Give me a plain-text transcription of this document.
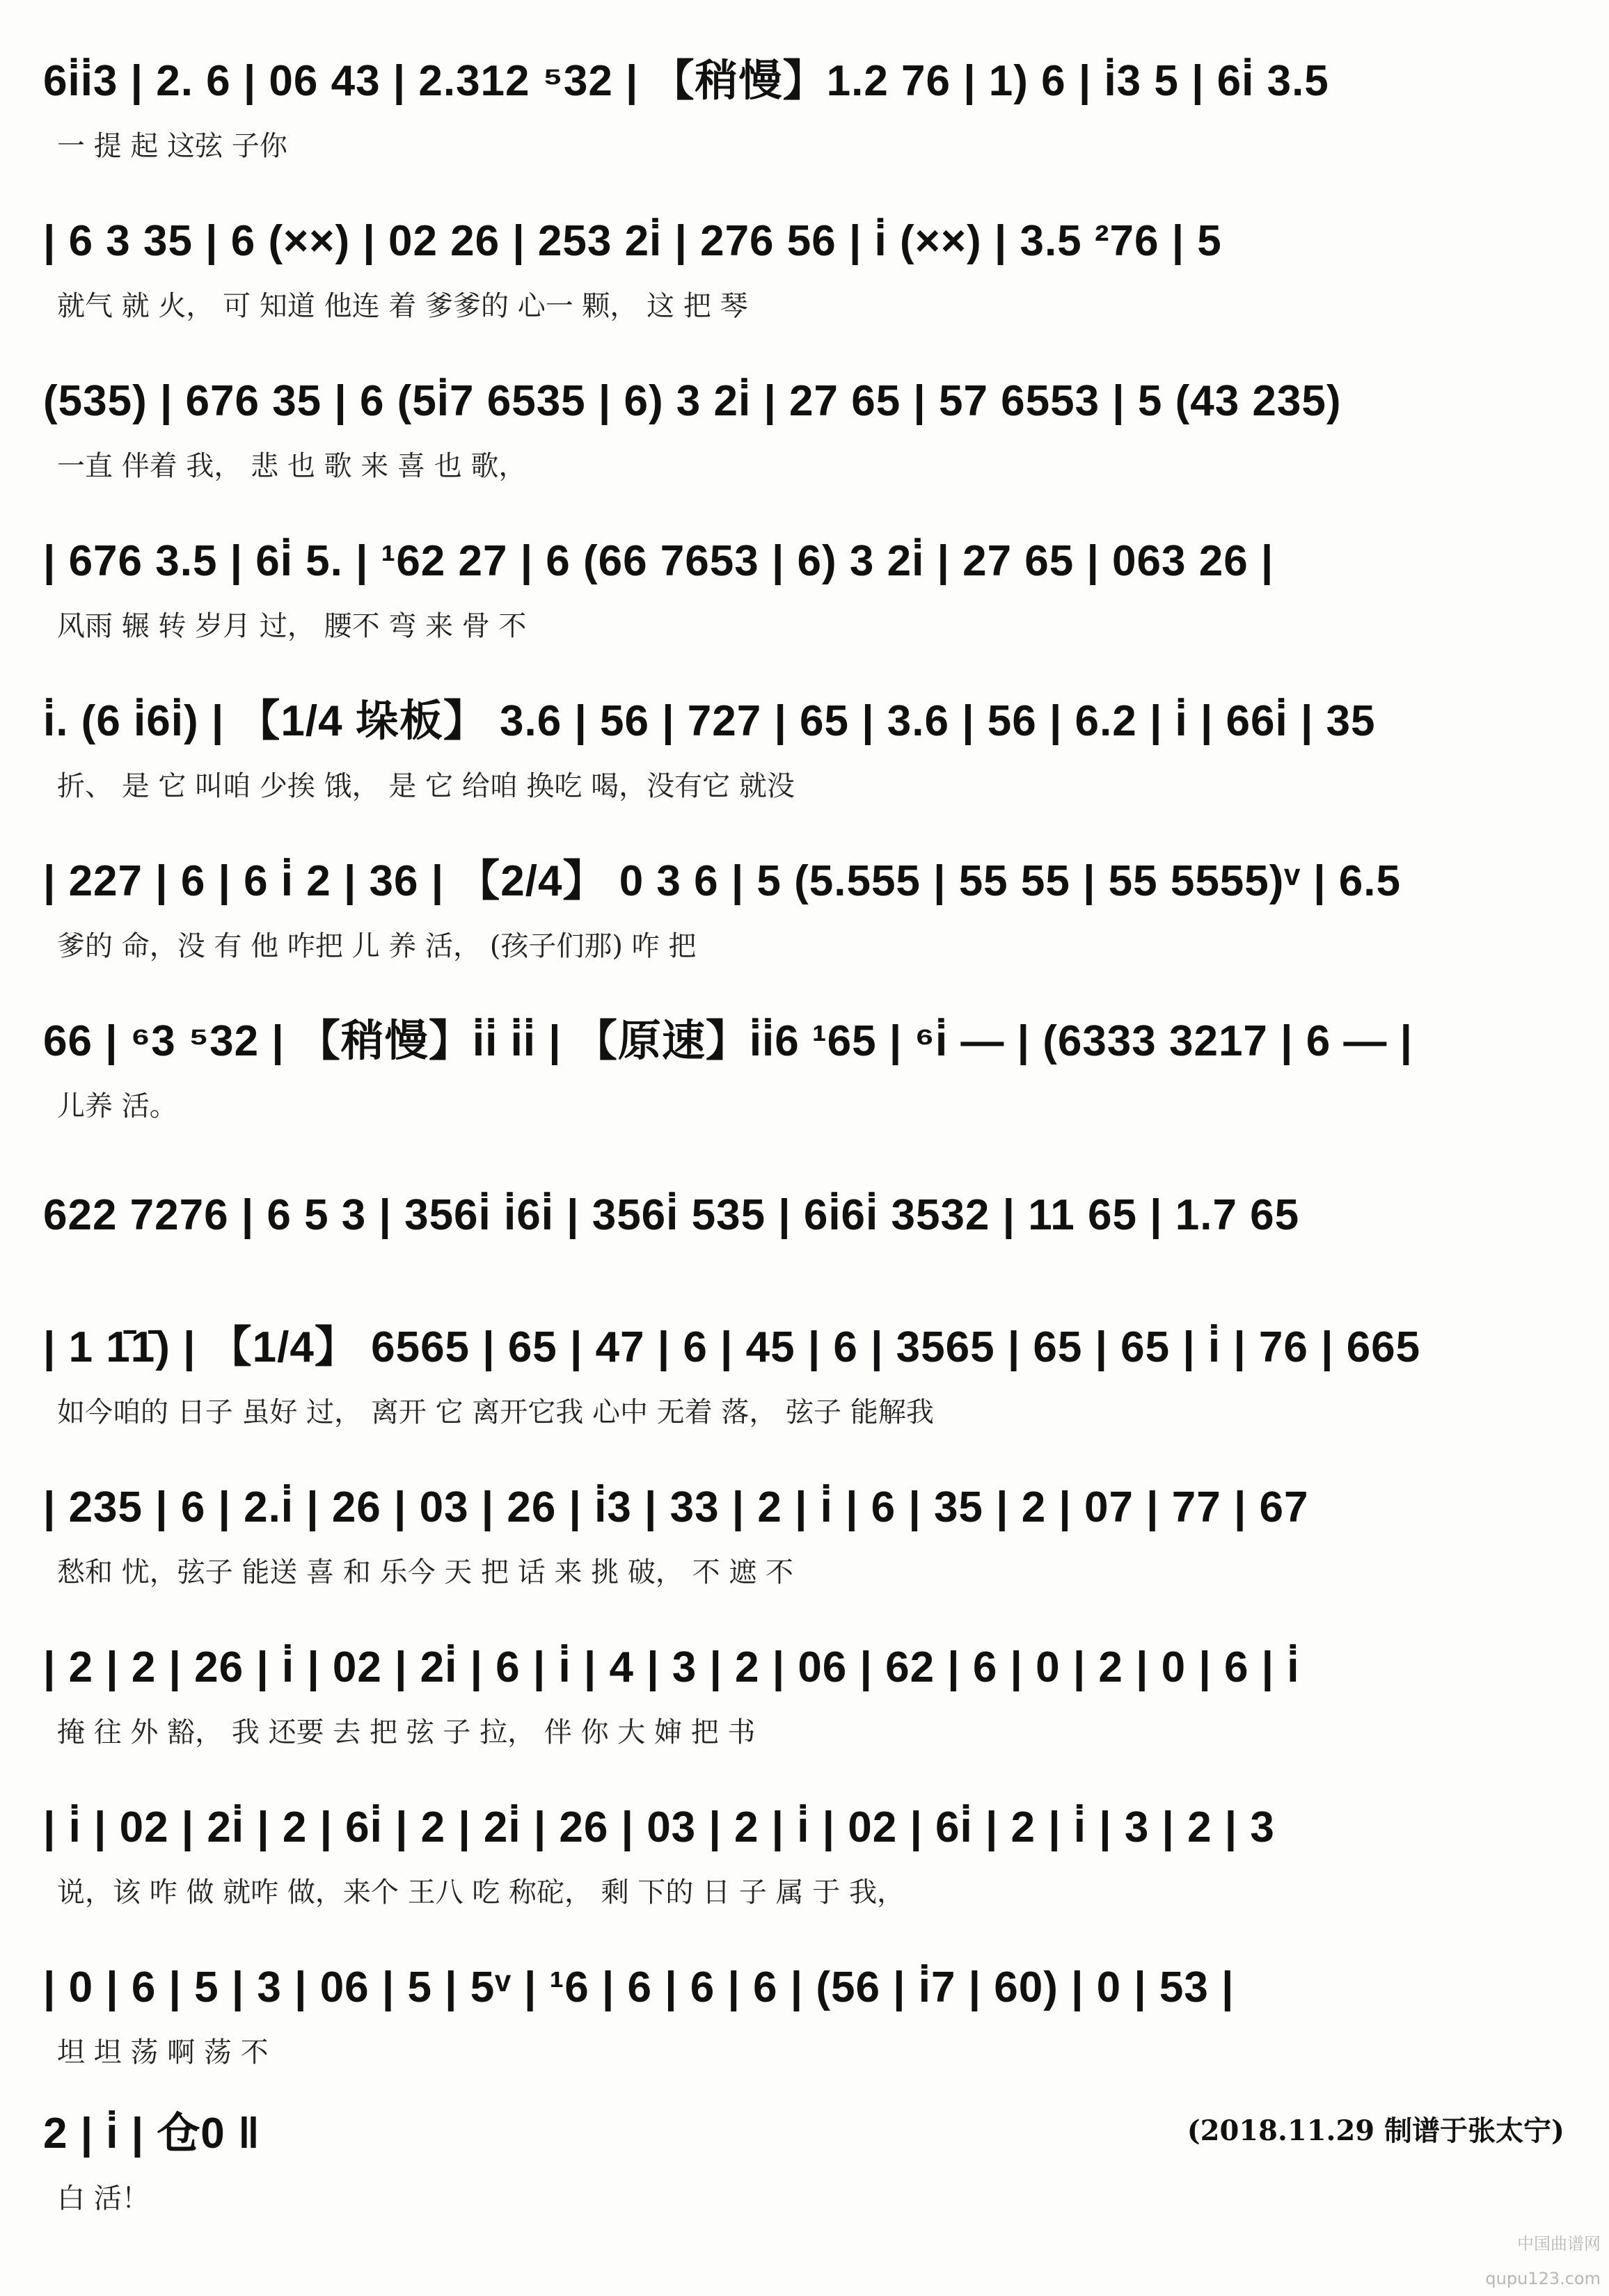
6i̇i̇3 | 2. 6 | 06 43 | 2.312 ⁵32 | 【稍慢】1.2 76 | 1) 6 | i̇3 5 | 6i̇ 3.5
一 提 起 这弦 子你
| 6 3 35 | 6 (××) | 02 26 | 253 2i̇ | 276 56 | i̇ (××) | 3.5 ²76 | 5
就气 就 火， 可 知道 他连 着 爹爹的 心一 颗， 这 把 琴
(535) | 676 35 | 6 (5i̇7 6535 | 6) 3 2i̇ | 27 65 | 57 6553 | 5 (43 235)
一直 伴着 我， 悲 也 歌 来 喜 也 歌，
| 676 3.5 | 6i̇ 5. | ¹62 27 | 6 (66 7653 | 6) 3 2i̇ | 27 65 | 063 26 |
风雨 辗 转 岁月 过， 腰不 弯 来 骨 不
i̇. (6 i̇6i̇) | 【1/4 垛板】 3.6 | 56 | 727 | 65 | 3.6 | 56 | 6.2 | i̇ | 66i̇ | 35
折、 是 它 叫咱 少挨 饿， 是 它 给咱 换吃 喝，没有它 就没
| 227 | 6 | 6 i̇ 2 | 36 | 【2/4】 0 3 6 | 5 (5.555 | 55 55 | 55 5555)ᵛ | 6.5
爹的 命，没 有 他 咋把 儿 养 活， (孩子们那) 咋 把
66 | ⁶3 ⁵32 | 【稍慢】i̇i̇ i̇i̇ | 【原速】i̇i̇6 ¹65 | ⁶i̇ — | (6333 3217 | 6 — |
儿养 活。
622 7276 | 6 5 3 | 356i̇ i̇6i̇ | 356i̇ 535 | 6i̇6i̇ 3532 | 11 65 | 1.7 65
| 1 1̄1̄) | 【1/4】 6565 | 65 | 47 | 6 | 45 | 6 | 3565 | 65 | 65 | i̇ | 76 | 665
如今咱的 日子 虽好 过， 离开 它 离开它我 心中 无着 落， 弦子 能解我
| 235 | 6 | 2.i̇ | 26 | 03 | 26 | i̇3 | 33 | 2 | i̇ | 6 | 35 | 2 | 07 | 77 | 67
愁和 忧，弦子 能送 喜 和 乐今 天 把 话 来 挑 破， 不 遮 不
| 2 | 2 | 26 | i̇ | 02 | 2i̇ | 6 | i̇ | 4 | 3 | 2 | 06 | 62 | 6 | 0 | 2 | 0 | 6 | i̇
掩 往 外 豁， 我 还要 去 把 弦 子 拉， 伴 你 大 婶 把 书
| i̇ | 02 | 2i̇ | 2 | 6i̇ | 2 | 2i̇ | 26 | 03 | 2 | i̇ | 02 | 6i̇ | 2 | i̇ | 3 | 2 | 3
说，该 咋 做 就咋 做，来个 王八 吃 称砣， 剩 下的 日 子 属 于 我，
| 0 | 6 | 5 | 3 | 06 | 5 | 5ᵛ | ¹6 | 6 | 6 | 6 | (56 | i̇7 | 60) | 0 | 53 |
坦 坦 荡 啊 荡 不
2 | i̇ | 仓0 ‖
白 活！
(2018.11.29 制谱于张太宁)
中国曲谱网 qupu123.com
